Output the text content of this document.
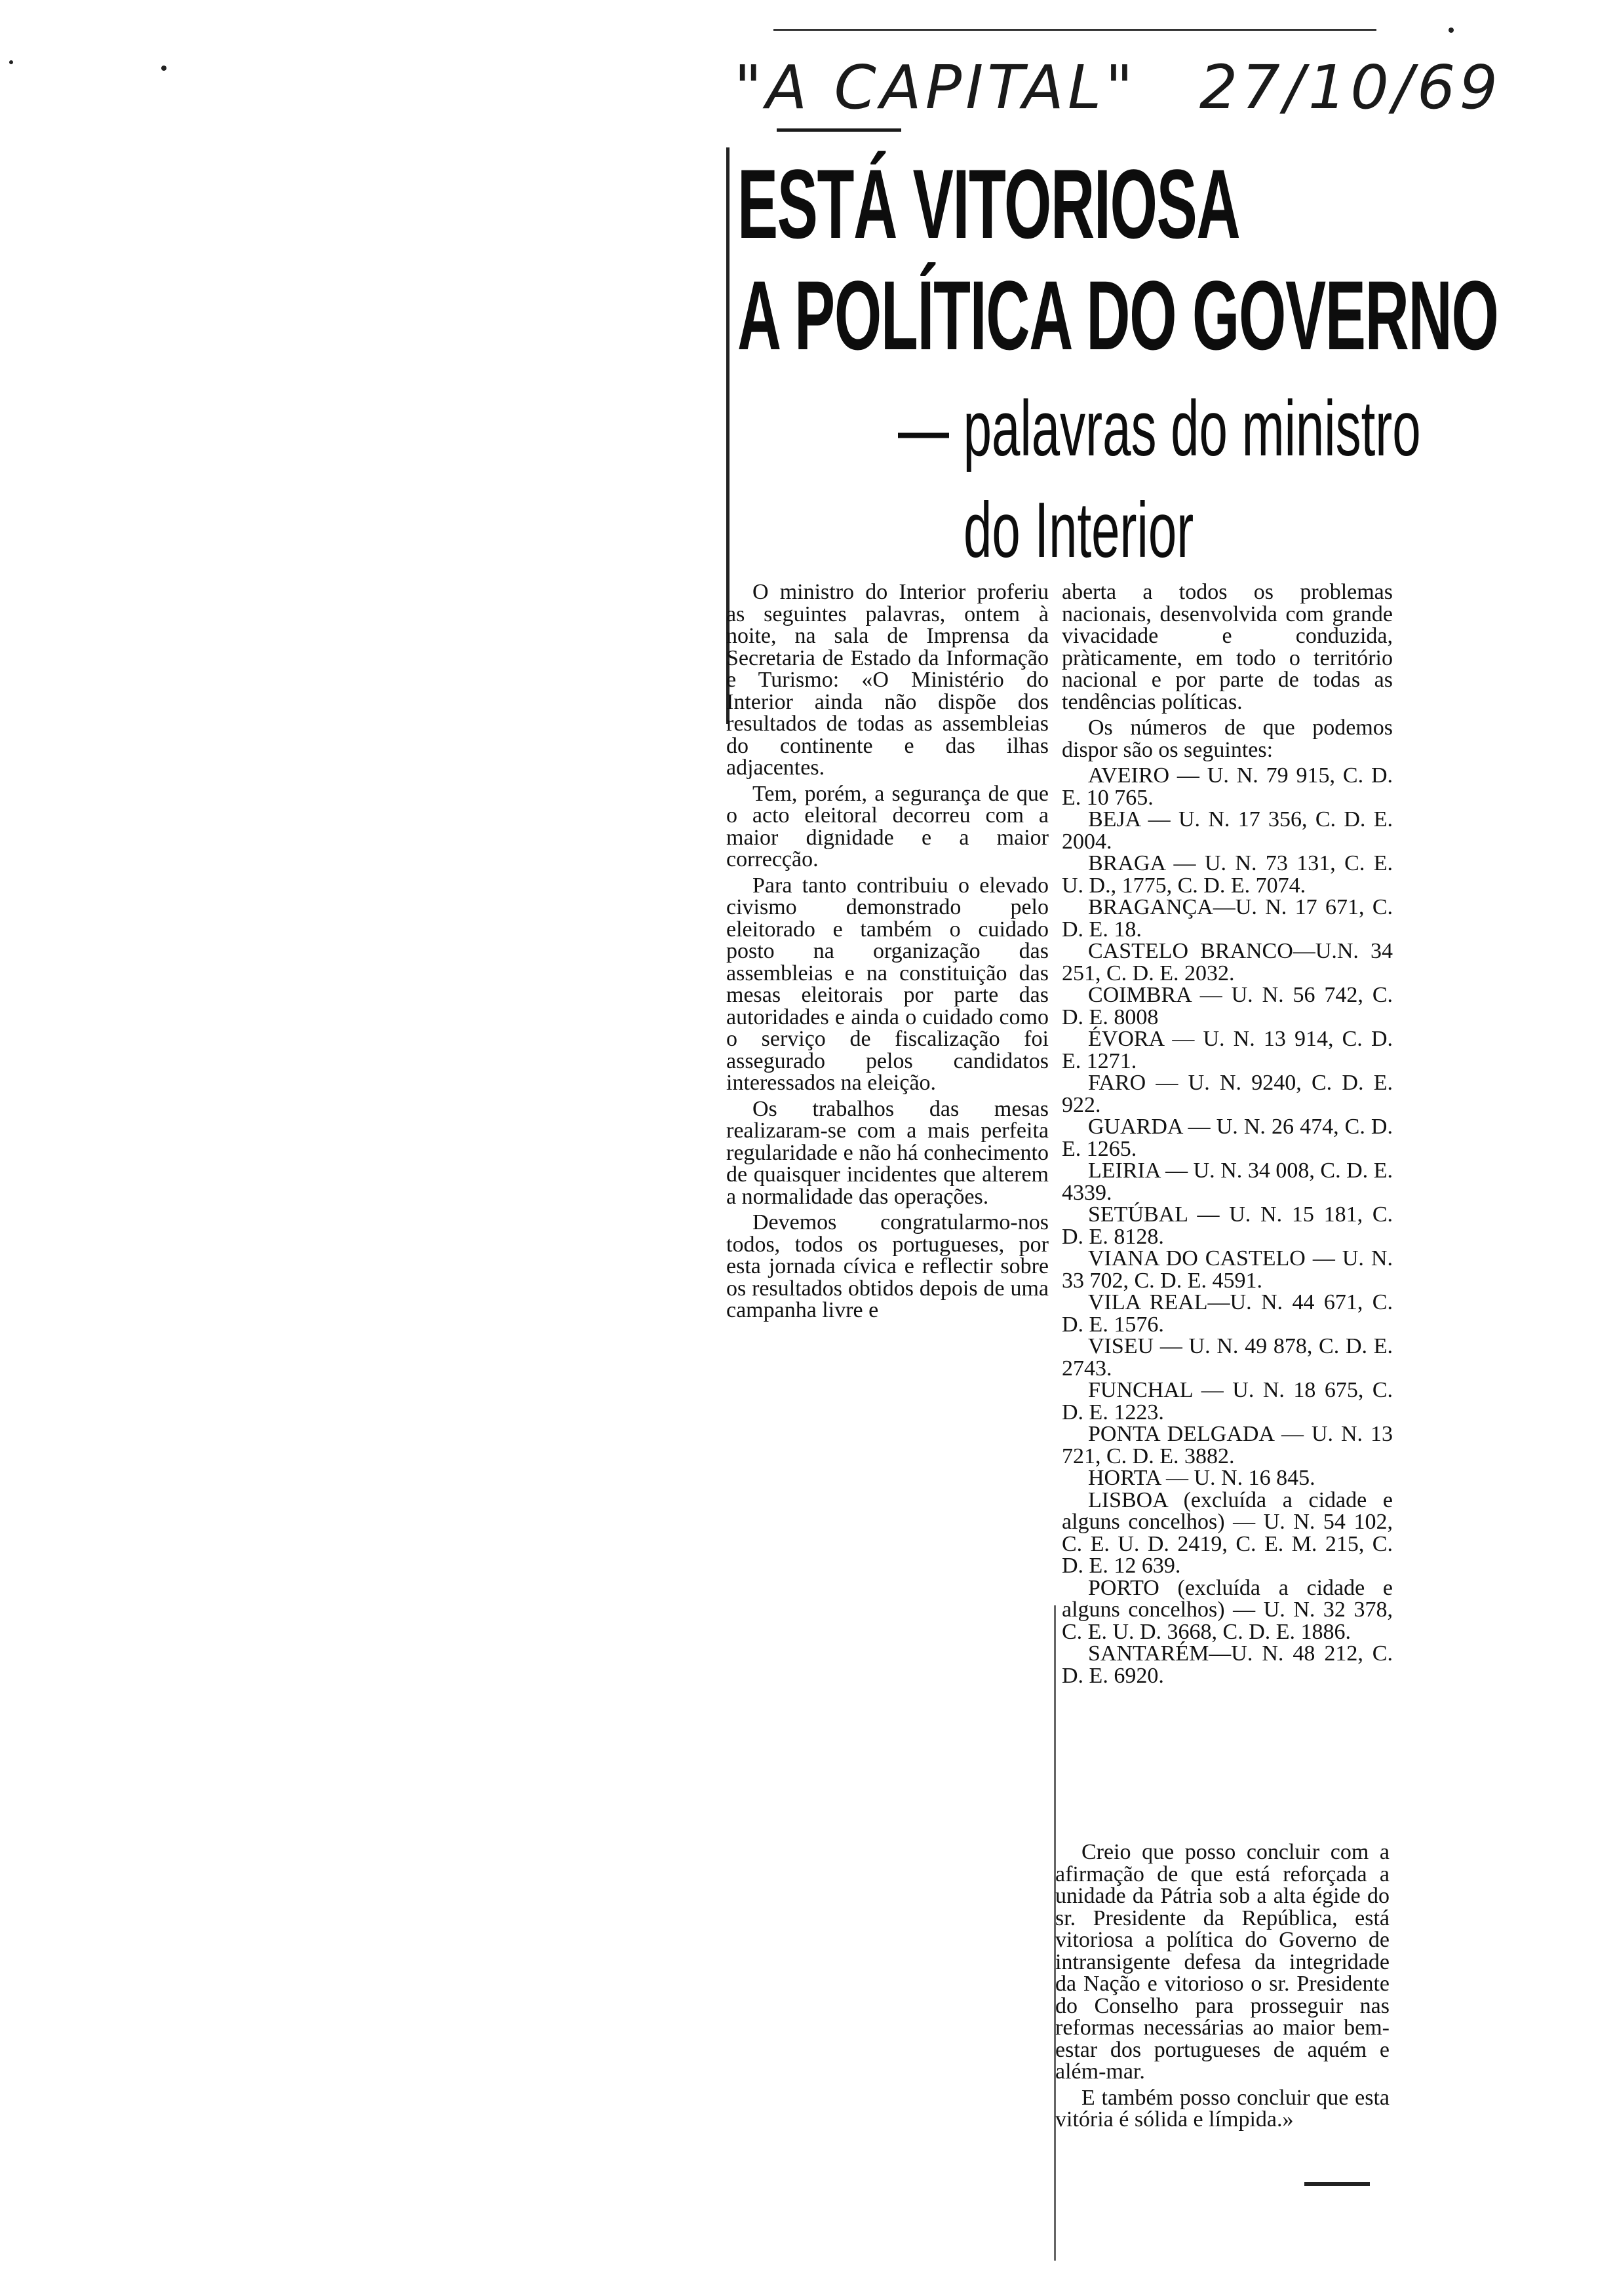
"A CAPITAL" 27/10/69
ESTÁ VITORIOSA
A POLÍTICA DO GOVERNO
— palavras do ministro
do Interior

O ministro do Interior proferiu as seguintes palavras, ontem à noite, na sala de Imprensa da Secretaria de Estado da Informação e Turismo: «O Ministério do Interior ainda não dispõe dos resultados de todas as assembleias do continente e das ilhas adjacentes.

Tem, porém, a segurança de que o acto eleitoral decorreu com a maior dignidade e a maior correcção.

Para tanto contribuiu o elevado civismo demonstrado pelo eleitorado e também o cuidado posto na organização das assembleias e na constituição das mesas eleitorais por parte das autoridades e ainda o cuidado como o serviço de fiscalização foi assegurado pelos candidatos interessados na eleição.

Os trabalhos das mesas realizaram-se com a mais perfeita regularidade e não há conhecimento de quaisquer incidentes que alterem a normalidade das operações.

Devemos congratularmo-nos todos, todos os portugueses, por esta jornada cívica e reflectir sobre os resultados obtidos depois de uma campanha livre e

aberta a todos os problemas nacionais, desenvolvida com grande vivacidade e conduzida, pràticamente, em todo o território nacional e por parte de todas as tendências políticas.

Os números de que podemos dispor são os seguintes:

AVEIRO — U. N. 79 915, C. D. E. 10 765.

BEJA — U. N. 17 356, C. D. E. 2004.

BRAGA — U. N. 73 131, C. E. U. D., 1775, C. D. E. 7074.

BRAGANÇA—U. N. 17 671, C. D. E. 18.

CASTELO BRANCO—U.N. 34 251, C. D. E. 2032.

COIMBRA — U. N. 56 742, C. D. E. 8008

ÉVORA — U. N. 13 914, C. D. E. 1271.

FARO — U. N. 9240, C. D. E. 922.

GUARDA — U. N. 26 474, C. D. E. 1265.

LEIRIA — U. N. 34 008, C. D. E. 4339.

SETÚBAL — U. N. 15 181, C. D. E. 8128.

VIANA DO CASTELO — U. N. 33 702, C. D. E. 4591.

VILA REAL—U. N. 44 671, C. D. E. 1576.

VISEU — U. N. 49 878, C. D. E. 2743.

FUNCHAL — U. N. 18 675, C. D. E. 1223.

PONTA DELGADA — U. N. 13 721, C. D. E. 3882.

HORTA — U. N. 16 845.

LISBOA (excluída a cidade e alguns concelhos) — U. N. 54 102, C. E. U. D. 2419, C. E. M. 215, C. D. E. 12 639.

PORTO (excluída a cidade e alguns concelhos) — U. N. 32 378, C. E. U. D. 3668, C. D. E. 1886.

SANTARÉM—U. N. 48 212, C. D. E. 6920.

Creio que posso concluir com a afirmação de que está reforçada a unidade da Pátria sob a alta égide do sr. Presidente da República, está vitoriosa a política do Governo de intransigente defesa da integridade da Nação e vitorioso o sr. Presidente do Conselho para prosseguir nas reformas necessárias ao maior bem-estar dos portugueses de aquém e além-mar.

E também posso concluir que esta vitória é sólida e límpida.»
